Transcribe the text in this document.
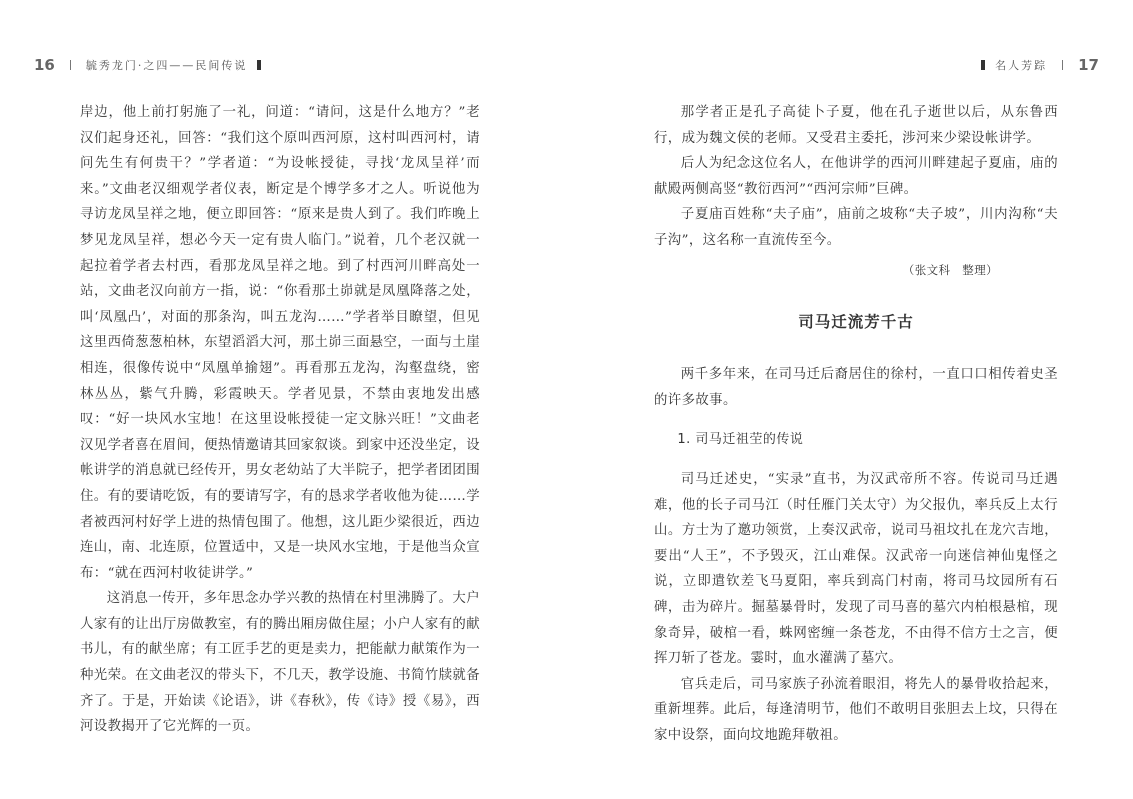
16	毓秀龙门·之四——民间传说

岸边，他上前打躬施了一礼，问道：“请问，这是什么地方？”老汉们起身还礼，回答：“我们这个原叫西河原，这村叫西河村，请问先生有何贵干？”学者道：“为设帐授徒，寻找‘龙凤呈祥’而来。”文曲老汉细观学者仪表，断定是个博学多才之人。听说他为寻访龙凤呈祥之地，便立即回答：“原来是贵人到了。我们昨晚上梦见龙凤呈祥，想必今天一定有贵人临门。”说着，几个老汉就一起拉着学者去村西，看那龙凤呈祥之地。到了村西河川畔高处一站，文曲老汉向前方一指，说：“你看那土峁就是凤凰降落之处，叫‘凤凰凸’，对面的那条沟，叫五龙沟……”学者举目瞭望，但见这里西倚葱葱柏林，东望滔滔大河，那土峁三面悬空，一面与土崖相连，很像传说中“凤凰单揄翅”。再看那五龙沟，沟壑盘绕，密林丛丛，紫气升腾，彩霞映天。学者见景，不禁由衷地发出感叹：“好一块风水宝地！在这里设帐授徒一定文脉兴旺！”文曲老汉见学者喜在眉间，便热情邀请其回家叙谈。到家中还没坐定，设帐讲学的消息就已经传开，男女老幼站了大半院子，把学者团团围住。有的要请吃饭，有的要请写字，有的恳求学者收他为徒……学者被西河村好学上进的热情包围了。他想，这儿距少梁很近，西边连山，南、北连原，位置适中，又是一块风水宝地，于是他当众宣布：“就在西河村收徒讲学。”

这消息一传开，多年思念办学兴教的热情在村里沸腾了。大户人家有的让出厅房做教室，有的腾出厢房做住屋；小户人家有的献书儿，有的献坐席；有工匠手艺的更是卖力，把能献力献策作为一种光荣。在文曲老汉的带头下，不几天，教学设施、书简竹牍就备齐了。于是，开始读《论语》，讲《春秋》，传《诗》授《易》，西河设教揭开了它光辉的一页。

名人芳踪 17

那学者正是孔子高徒卜子夏，他在孔子逝世以后，从东鲁西行，成为魏文侯的老师。又受君主委托，涉河来少梁设帐讲学。

后人为纪念这位名人，在他讲学的西河川畔建起子夏庙，庙的献殿两侧高竖“教衍西河”“西河宗师”巨碑。

子夏庙百姓称“夫子庙”，庙前之坡称“夫子坡”，川内沟称“夫子沟”，这名称一直流传至今。

（张文科　整理）

司马迁流芳千古

两千多年来，在司马迁后裔居住的徐村，一直口口相传着史圣的许多故事。

1. 司马迁祖茔的传说

司马迁述史，“实录”直书，为汉武帝所不容。传说司马迁遇难，他的长子司马江（时任雁门关太守）为父报仇，率兵反上太行山。方士为了邀功领赏，上奏汉武帝，说司马祖坟扎在龙穴吉地，要出“人王”，不予毁灭，江山难保。汉武帝一向迷信神仙鬼怪之说，立即遣钦差飞马夏阳，率兵到高门村南，将司马坟园所有石碑，击为碎片。掘墓暴骨时，发现了司马喜的墓穴内柏根悬棺，现象奇异，破棺一看，蛛网密缠一条苍龙，不由得不信方士之言，便挥刀斩了苍龙。霎时，血水灌满了墓穴。

官兵走后，司马家族子孙流着眼泪，将先人的暴骨收拾起来，重新埋葬。此后，每逢清明节，他们不敢明目张胆去上坟，只得在家中设祭，面向坟地跪拜敬祖。
